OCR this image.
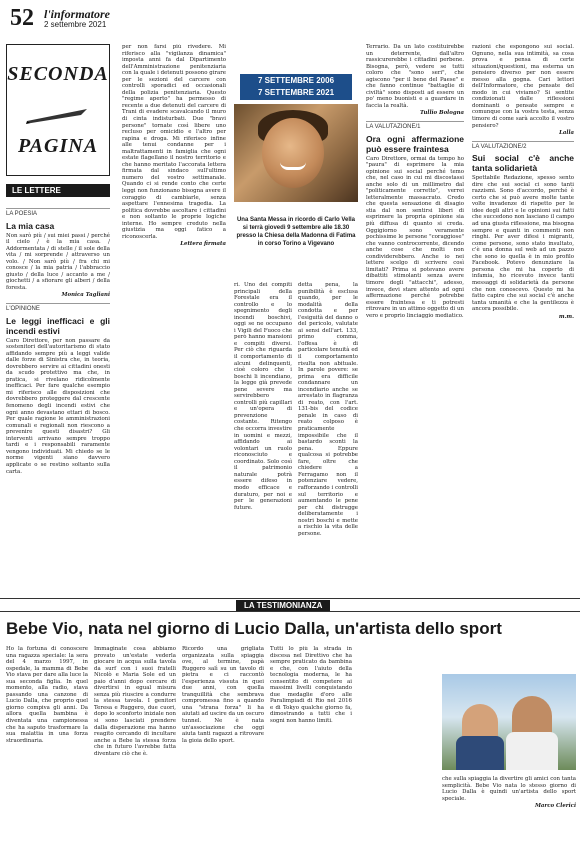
52 l'informatore
2 settembre 2021
SECONDA
PAGINA
LE LETTERE
LA POESIA
La mia casa

Non sarò più / sui miei passi / perché il cielo / è la mia casa. / Addormentata / di stelle / il sole della vita / mi sorprende / attraverso un volo. / Non sarò più / fra chi mi conosce / la mia patria / l'abbraccio giusto / della luce / accanto a me / giochetti / a sfiorare gli alberi / della foresta.

Monica Tagliani

L'OPINIONE
Le leggi inefficaci e gli incendi estivi

Caro Direttore, per non passare da sostenitori dell'autoritarismo di stato affidando sempre più a leggi valide dalle forze di Sinistra che, in teoria, dovrebbero servire ai cittadini onesti da scudo protettivo ma che, in pratica, si rivelano ridicolmente inefficaci. Per fare qualche esempio mi riferisco alle disposizioni che dovrebbero proteggere dal crescente fenomeno degli incendi estivi che ogni anno devastano ettari di bosco. Per quale ragione le amministrazioni comunali e regionali non riescono a prevenire questi disastri? Gli interventi arrivano sempre troppo tardi e i responsabili raramente vengono individuati. Mi chiedo se le norme vigenti siano davvero applicate o se restino soltanto sulla carta.

per non farsi più rivedere. Mi riferisco alla "vigilanza dinamica" imposta anni fa dal Dipartimento dell'Amministrazione penitenziaria con la quale i detenuti possono girare per le sezioni del carcere con controlli sporadici ed occasionali della polizia penitenziaria. Questo "regime aperto" ha permesso di recente a due detenuti del carcere di Trani di evadere scavalcando il muro di cinta indisturbati. Due "bravi persone" tornate così libere uno recluso per omicidio e l'altro per rapina e droga. Mi riferisco infine alle tenui condanne per i maltrattamenti in famiglia che ogni estate flagellano il nostro territorio e che hanno meritato l'accorata lettera firmata dal sindaco sull'ultimo numero del vostro settimanale. Quando ci si rende conto che certe leggi non funzionano bisogna avere il coraggio di cambiarle, senza aspettare l'ennesima tragedia. La politica dovrebbe ascoltare i cittadini e non soltanto le proprie logiche interne. Ho sempre creduto nella giustizia ma oggi fatico a riconoscerla.

Lettera firmata

7 SETTEMBRE 2006
7 SETTEMBRE 2021
Una Santa Messa in ricordo di Carlo Vella si terrà giovedì 9 settembre alle 18.30 presso la Chiesa della Madonna di Fatima in corso Torino a Vigevano

ri. Uno dei compiti principali della Forestale era il controllo e lo spegnimento degli incendi boschivi, oggi se ne occupano i Vigili del Fuoco che però hanno mansioni e compiti diversi. Per ciò che riguarda il comportamento di alcuni delinquenti, cioè coloro che i boschi li incendiano, la legge già prevede pene severe ma servirebbero controlli più capillari e un'opera di prevenzione costante. Ritengo che occorra investire in uomini e mezzi, affidando ai volontari un ruolo riconosciuto e coordinato. Solo così il patrimonio naturale potrà essere difeso in modo efficace e duraturo, per noi e per le generazioni future.

detta pena, la punibilità è esclusa quando, per le modalità della condotta e per l'esiguità del danno o del pericolo, valutate ai sensi dell'art. 133, primo comma, l'offesa è di particolare tenuità ed il comportamento risulta non abituale. In parole povere: se prima era difficile condannare un incendiario anche se arrestato in flagranza di reato, con l'art. 131-bis del codice penale in caso di reato colposo è praticamente impossibile che il bastardo sconti la pena. Eppure qualcosa si potrebbe fare, oltre che chiedere a Ferragamo non il potenziare vedere, rafforzando i controlli sul territorio e aumentando le pene per chi distrugge deliberatamente i nostri boschi e mette a rischio la vita delle persone.

Terrario. Da un lato costituirebbe un deterrente, dall'altro rassicurerebbe i cittadini perbene. Bisogna, però, vedere se tutti coloro che "sono seri", che agiscono "per il bene del Paese" e che fanno continue "battaglie di civiltà" sono disposti ad essere un po' meno buonisti e a guardare in faccia la realtà.

Tullio Bologna

LA VALUTAZIONE/1
Ora ogni affermazione può essere fraintesa

Caro Direttore, ormai da tempo ho "paura" di esprimere la mia opinione sui social perché temo che, nel caso in cui mi discostassi anche solo di un millimetro dal "politicamente corretto", verrei letteralmente massacrato. Credo che questa sensazione di disagio stia dal non sentirsi liberi di esprimere la propria opinione sia più diffusa di quanto si creda. Oggigiorno sono veramente pochissime le persone "coraggiose" che vanno controcorrente, dicendo anche cose che molti non condividerebbero. Anche io nei lettere scelgo di scrivere così limitati? Prima si potevano avere dibattiti stimolanti senza avere timore degli "attacchi", adesso, invece, devi stare attento ad ogni affermazione perché potrebbe essere fraintesa e ti potresti ritrovare in un attimo oggetto di un vero e proprio linciaggio mediatico.

razioni che espongono sui social. Ognuno, nella sua intimità, sa cosa prova e pensa di certe situazioni/questioni, ma esterna un pensiero diverso per non essere messo alla gogna. Cari lettori dell'Informatore, che pensate del modo in cui viviamo? Si sentite condizionati dalle riflessioni dominanti o pensate sempre e comunque con la vostra testa, senza timore di come sarà accolto il vostro pensiero?

Lalla

LA VALUTAZIONE/2
Sui social c'è anche tanta solidarietà

Spettabile Redazione, spesso sento dire che sui social ci sono tanti razzismi. Sono d'accordo, perché è certo che si può avere molte tante volte invadenze di rispetto per le idee degli altri e le opinioni sui fatti che succedono non lasciano il campo ad una giusta riflessione, ma bisogna sempre e quanti in commenti non ringhi. Per aver difesi i migranti, come persone, sono stato insultato, c'è una donna sul web ad un pazzo che sono io quella è in mio profilo Facebook. Potevo denunziare la persona che mi ha coperto di infamia, ho ricevuto invece tanti messaggi di solidarietà da persone che non conoscevo. Questo mi ha fatto capire che sui social c'è anche tanta umanità e che la gentilezza è ancora possibile.

m.m.

LA TESTIMONIANZA
Bebe Vio, nata nel giorno di Lucio Dalla, un'artista dello sport

Ho la fortuna di conoscere una ragazza speciale: la sera del 4 marzo 1997, in ospedale, la mamma di Bebe Vio stava per dare alla luce la sua seconda figlia. In quel momento, alla radio, stava passando una canzone di Lucio Dalla, che proprio quel giorno compiva gli anni. Da allora quella bambina è diventata una campionessa che ha saputo trasformare la sua malattia in una forza straordinaria.

Immaginate cosa abbiamo provato un'estate vederla giocare in acqua sulla tavola da surf con i suoi fratelli Nicolò e Maria Sole ed un paio d'anni dopo cercare di divertirsi in egual misura senza più riuscire a condurre la stessa tavola. I genitori Teresa e Ruggero, due cuori, dopo lo sconforto iniziale non si sono lasciati prendere dalla disperazione ma hanno reagito cercando di incultare anche a Bebe la stessa forza che in futuro l'avrebbe fatta diventare ciò che è.

Ricordo una grigliata organizzata sulla spiaggia ove, al termine, papà Ruggero salì su un tavolo di pietra e ci raccontò l'esperienza vissuta in quei due anni, con quella tranquillità che sembrava compromessa fino a quando una "strana forza" li ha aiutati ad uscire da un oscuro tunnel. Ne è nata un'associazione che oggi aiuta tanti ragazzi a ritrovare la gioia dello sport.

Tutti lo più la strada in discesa nel Direttivo che ha sempre praticato da bambina e che, con l'aiuto della tecnologia moderna, le ha consentito di competere ai massimi livelli conquistando due medaglie d'oro alle Paralimpiadi di Rio nel 2016 e di Tokyo qualche giorno fa, dimostrando a tutti che i sogni non hanno limiti.

che sulla spiaggia la divertire gli amici con tanta semplicità. Bebe Vio nata lo stesso giorno di Lucio Dalla è quindi un'artista dello sport speciale.

Marco Clerici
